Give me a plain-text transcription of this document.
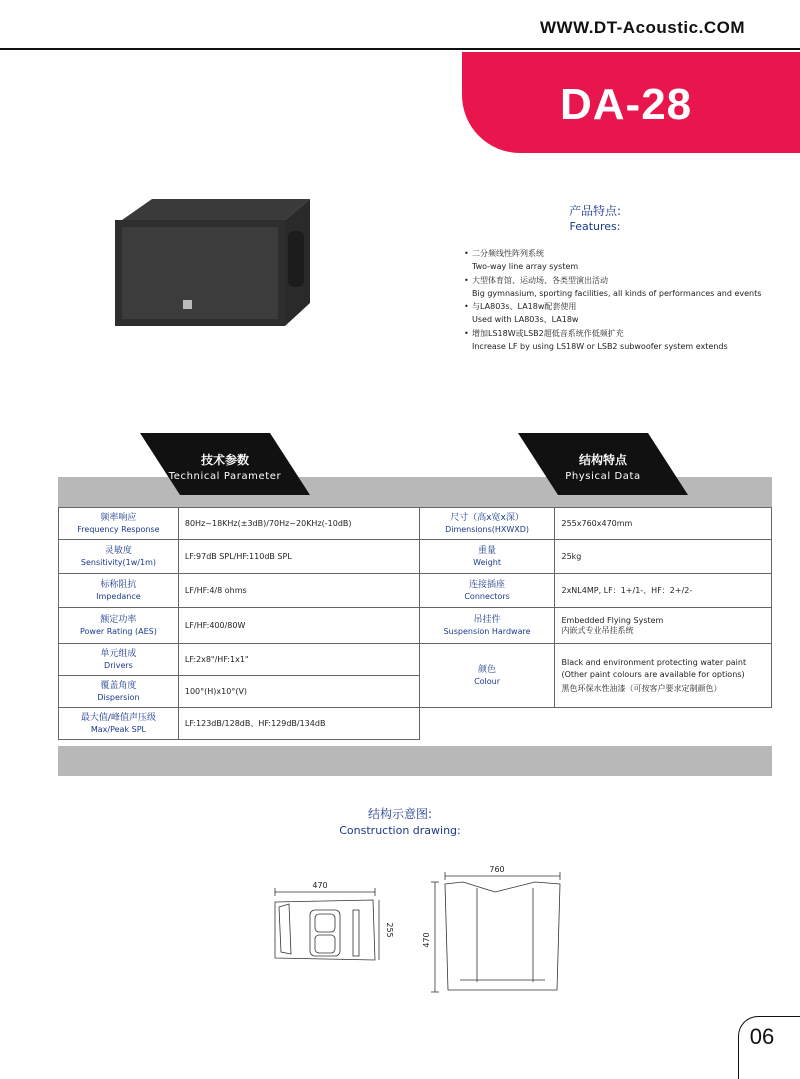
WWW.DT-Acoustic.COM
DA-28
产品特点:
Features:
• 二分频线性阵列系统
Two-way line array system
• 大型体育馆、运动场、各类型演出活动
Big gymnasium, sporting facilities, all kinds of performances and events
• 与LA803s、LA18w配套使用
Used with LA803s、LA18w
• 增加LS18W或LSB2超低音系统作低频扩充
Increase LF by using LS18W or LSB2 subwoofer system extends
技术参数
Technical Parameter
结构特点
Physical Data
频率响应
Frequency Response	80Hz~18KHz(±3dB)/70Hz~20KHz(-10dB)	尺寸（高x宽x深）
Dimensions(HXWXD)	255x760x470mm

灵敏度
Sensitivity(1w/1m)	LF:97dB SPL/HF:110dB SPL	重量
Weight	25kg

标称阻抗
Impedance	LF/HF:4/8 ohms	连接插座
Connectors	2xNL4MP, LF：1+/1-、HF：2+/2-

额定功率
Power Rating (AES)	LF/HF:400/80W	吊挂件
Suspension Hardware	Embedded Flying System
内嵌式专业吊挂系统

单元组成
Drivers	LF:2x8"/HF:1x1"	颜色
Colour	Black and environment protecting water paint
(Other paint colours are available for options)
黑色环保水性油漆（可按客户要求定制颜色）

覆盖角度
Dispersion	100°(H)x10°(V)		

最大值/峰值声压级
Max/Peak SPL	LF:123dB/128dB、HF:129dB/134dB		
结构示意图:
Construction drawing:
470
255
760
470
06
